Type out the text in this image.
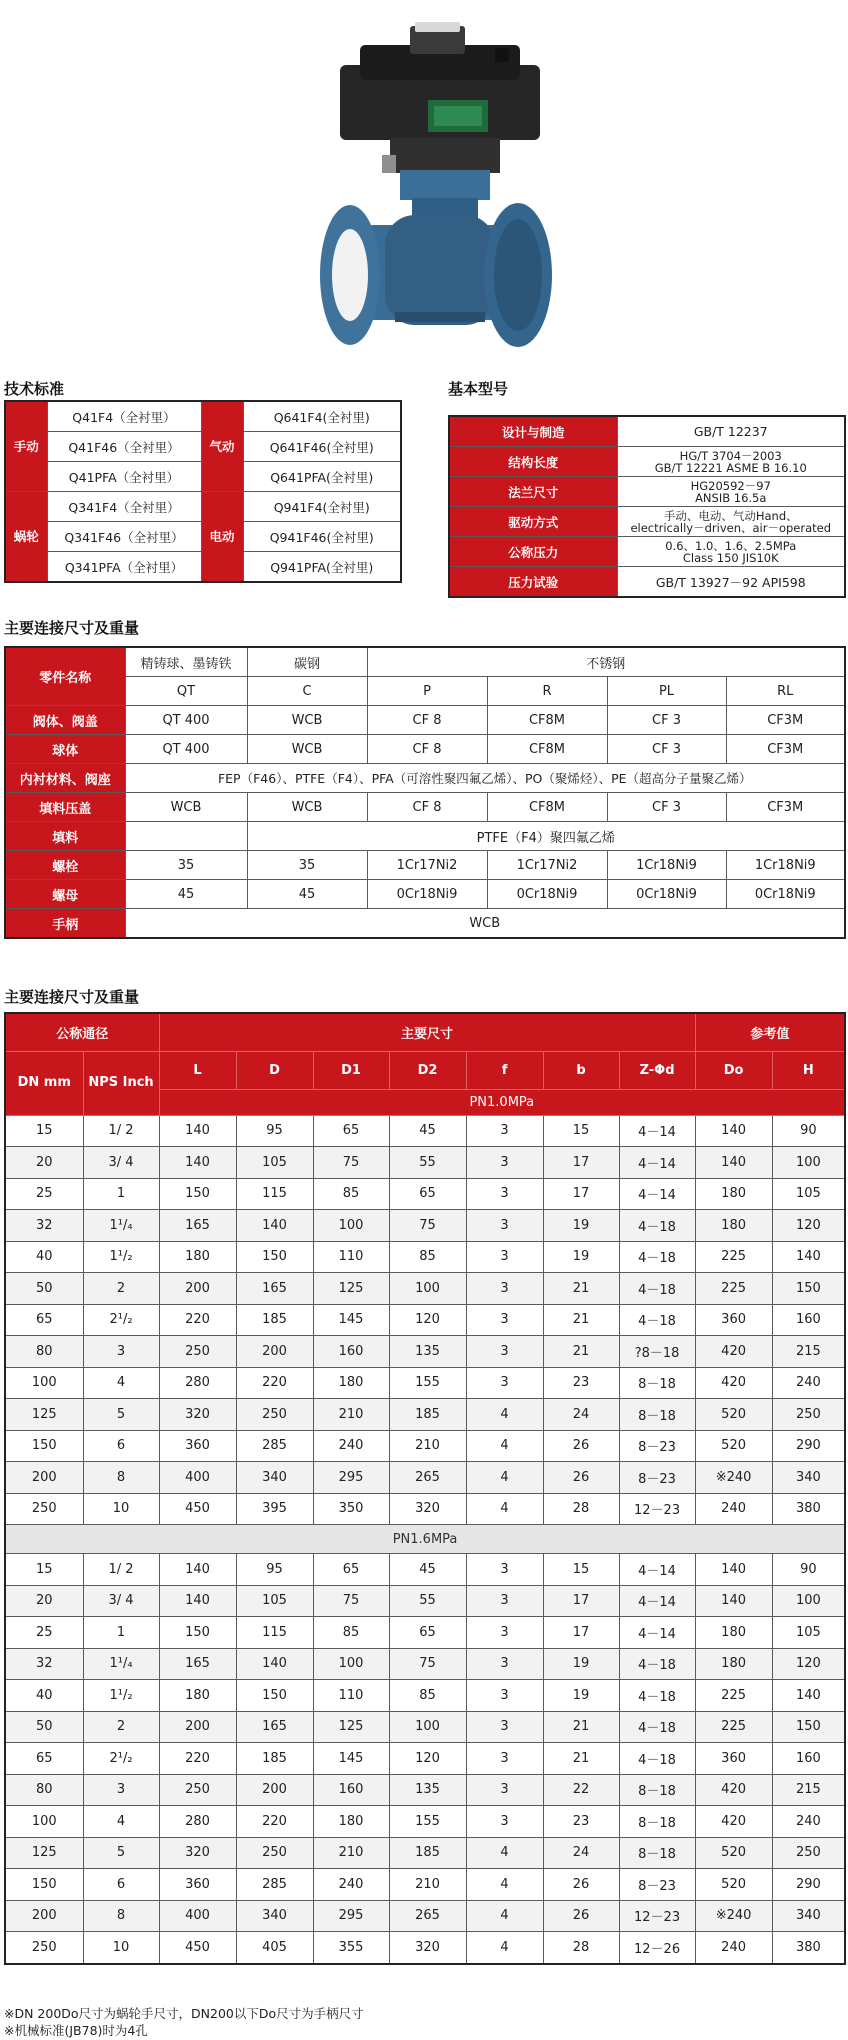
技术标准	基本型号
手动	Q41F4（全衬里）	气动	Q641F4(全衬里)
	Q41F46（全衬里）		Q641F46(全衬里)
	Q41PFA（全衬里）		Q641PFA(全衬里)
蜗轮	Q341F4（全衬里）	电动	Q941F4(全衬里)
	Q341F46（全衬里）		Q941F46(全衬里)
	Q341PFA（全衬里）		Q941PFA(全衬里)
设计与制造	GB/T 12237
结构长度	HG/T 3704－2003
GB/T 12221 ASME B 16.10

法兰尺寸	HG20592－97
ANSIB 16.5a

驱动方式	手动、电动、气动Hand、
electrically－driven、air－operated

公称压力	0.6、1.0、1.6、2.5MPa
Class 150 JIS10K

压力试验	GB/T 13927－92 API598
主要连接尺寸及重量
零件名称	精铸球、墨铸铁	碳钢	不锈钢			
	QT	C	P	R	PL	RL
阀体、阀盖	QT 400	WCB	CF 8	CF8M	CF 3	CF3M
球体	QT 400	WCB	CF 8	CF8M	CF 3	CF3M
内衬材料、阀座	FEP（F46）、PTFE（F4）、PFA（可溶性聚四氟乙烯）、PO（聚烯烃）、PE（超高分子量聚乙烯）					
填料压盖	WCB	WCB	CF 8	CF8M	CF 3	CF3M
填料		PTFE（F4）聚四氟乙烯				
螺栓	35	35	1Cr17Ni2	1Cr17Ni2	1Cr18Ni9	1Cr18Ni9
螺母	45	45	0Cr18Ni9	0Cr18Ni9	0Cr18Ni9	0Cr18Ni9
手柄	WCB					
主要连接尺寸及重量
公称通径		主要尺寸							参考值	
DN mm	NPS Inch	L	D	D1	D2	f	b	Z-Φd	Do	H
		PN1.0MPa								
15	1/ 2	140	95	65	45	3	15	4－14	140	90
20	3/ 4	140	105	75	55	3	17	4－14	140	100
25	1	150	115	85	65	3	17	4－14	180	105
32	1¹/₄	165	140	100	75	3	19	4－18	180	120
40	1¹/₂	180	150	110	85	3	19	4－18	225	140
50	2	200	165	125	100	3	21	4－18	225	150
65	2¹/₂	220	185	145	120	3	21	4－18	360	160
80	3	250	200	160	135	3	21	?8－18	420	215
100	4	280	220	180	155	3	23	8－18	420	240
125	5	320	250	210	185	4	24	8－18	520	250
150	6	360	285	240	210	4	26	8－23	520	290
200	8	400	340	295	265	4	26	8－23	※240	340
250	10	450	395	350	320	4	28	12－23	240	380
PN1.6MPa										
15	1/ 2	140	95	65	45	3	15	4－14	140	90
20	3/ 4	140	105	75	55	3	17	4－14	140	100
25	1	150	115	85	65	3	17	4－14	180	105
32	1¹/₄	165	140	100	75	3	19	4－18	180	120
40	1¹/₂	180	150	110	85	3	19	4－18	225	140
50	2	200	165	125	100	3	21	4－18	225	150
65	2¹/₂	220	185	145	120	3	21	4－18	360	160
80	3	250	200	160	135	3	22	8－18	420	215
100	4	280	220	180	155	3	23	8－18	420	240
125	5	320	250	210	185	4	24	8－18	520	250
150	6	360	285	240	210	4	26	8－23	520	290
200	8	400	340	295	265	4	26	12－23	※240	340
250	10	450	405	355	320	4	28	12－26	240	380
※DN 200Do尺寸为蜗轮手尺寸，DN200以下Do尺寸为手柄尺寸
※机械标准(JB78)时为4孔
